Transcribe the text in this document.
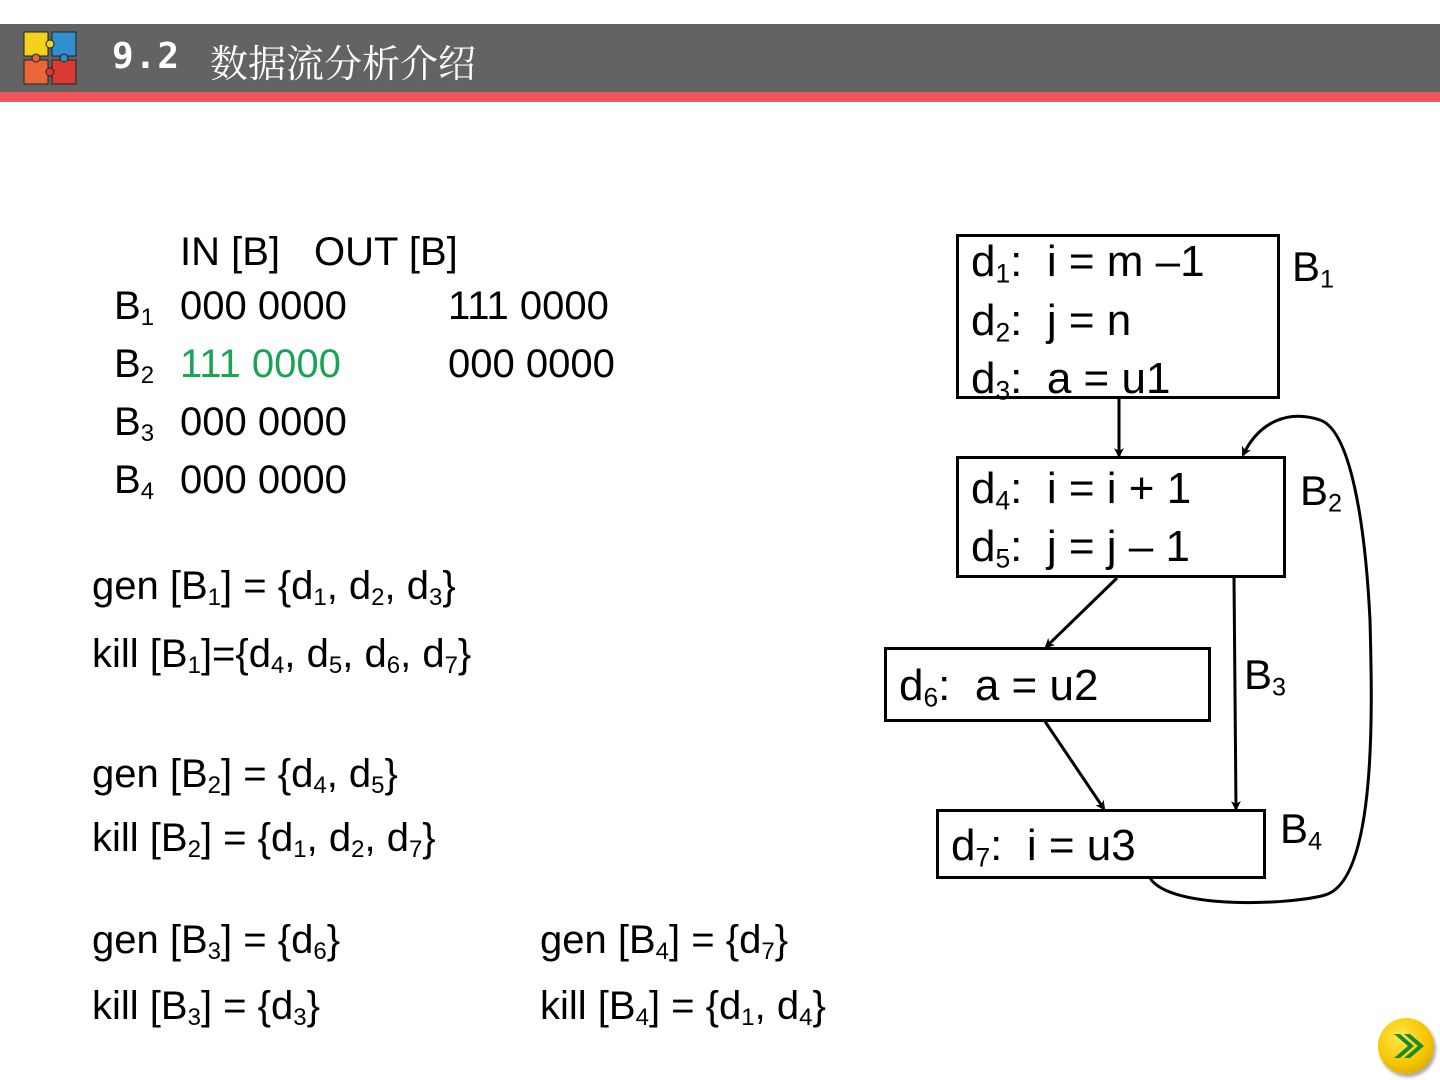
9.2 数据流分析介绍
IN [B] OUT [B]
$B_1$ 000 0000	111 0000
$B_2$ 111 0000	000 0000
$B_3$ 000 0000
$B_4$ 000 0000
gen $[B_1] = \{d_1$, $d_2$, $d_3$}
kill $[B_1]=\{d_4$, $d_5$, $d_6$, $d_7$}
gen $[B_2] = \{d_4$, $d_5$}
kill $[B_2] = \{d_1$, $d_2$, $d_7$}
gen $[B_3] = \{d_6\}$
kill $[B_3] = \{d_3\}$
gen $[B_4] = \{d_7\}$
kill $[B_4] = \{d_1$, $d_4$}
$d_1$:  i = m –1
$d_2$:  j = n
$d_3$:  a = u1
$B_1$
$d_4$:  i = i + 1
$d_5$:  j = j – 1
$B_2$
$d_6$:  a = u2	$B_3$
$d_7$:  i = u3	$B_4$
